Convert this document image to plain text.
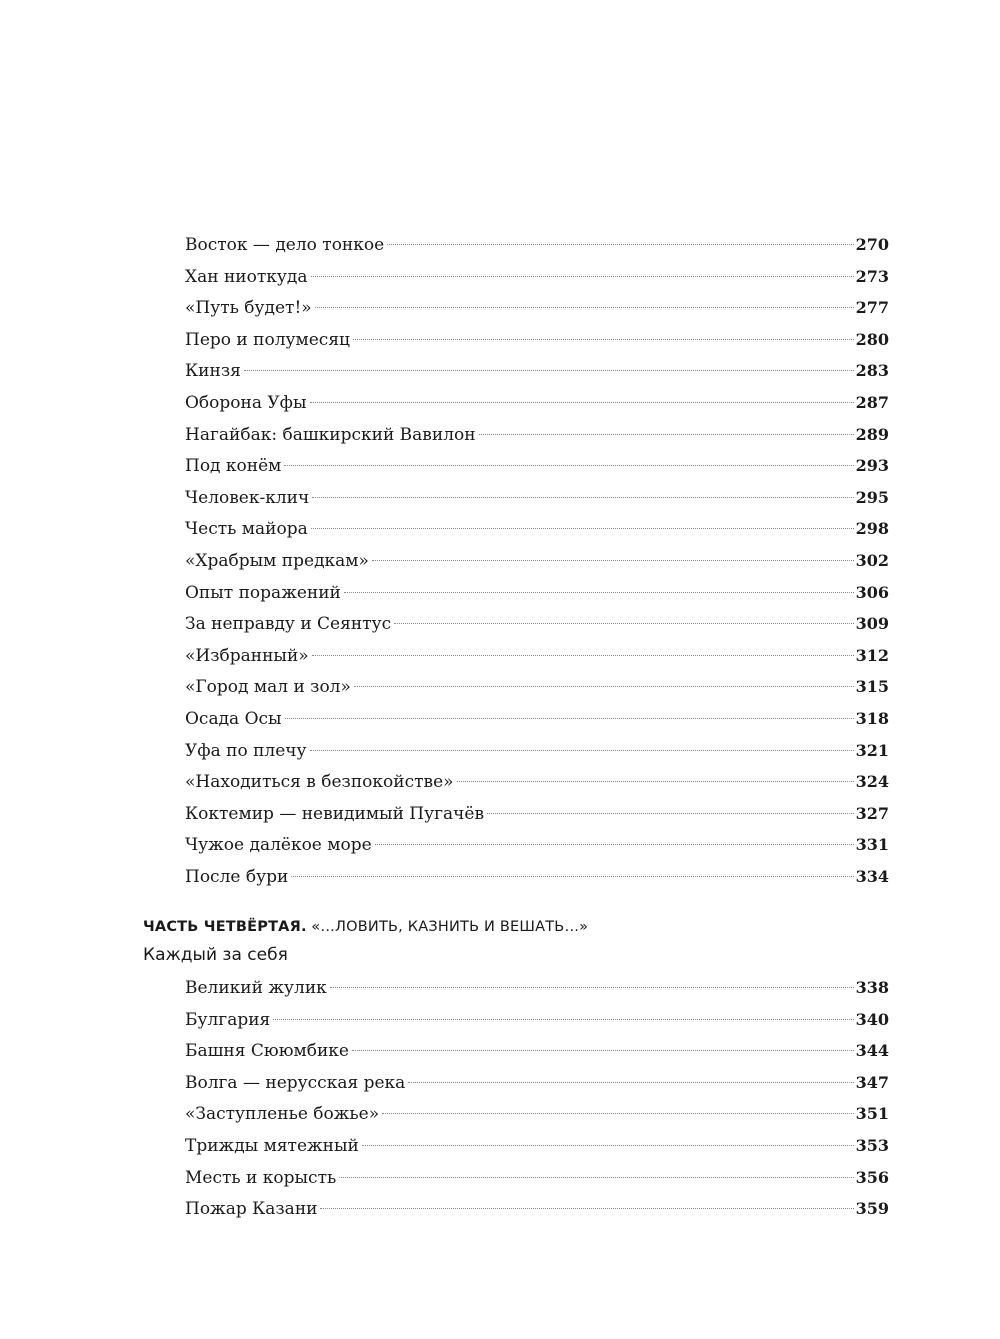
Восток — дело тонкое	270
Хан ниоткуда	273
«Путь будет!»	277
Перо и полумесяц	280
Кинзя	283
Оборона Уфы	287
Нагайбак: башкирский Вавилон	289
Под конём	293
Человек-клич	295
Честь майора	298
«Храбрым предкам»	302
Опыт поражений	306
За неправду и Сеянтус	309
«Избранный»	312
«Город мал и зол»	315
Осада Осы	318
Уфа по плечу	321
«Находиться в безпокойстве»	324
Коктемир — невидимый Пугачёв	327
Чужое далёкое море	331
После бури	334
ЧАСТЬ ЧЕТВЁРТАЯ. «…ЛОВИТЬ, КАЗНИТЬ И ВЕШАТЬ…»
Каждый за себя
Великий жулик	338
Булгария	340
Башня Сююмбике	344
Волга — нерусская река	347
«Заступленье божье»	351
Трижды мятежный	353
Месть и корысть	356
Пожар Казани	359
